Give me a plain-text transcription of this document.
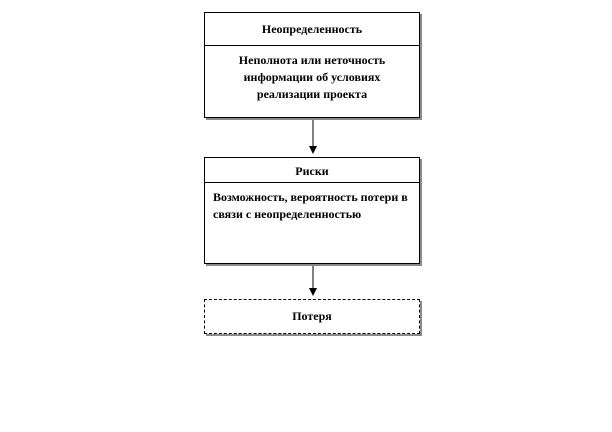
Неопределенность
Неполнота или неточность информации об условиях реализации проекта
Риски
Возможность, вероятность потери в связи с неопределенностью
Потеря
